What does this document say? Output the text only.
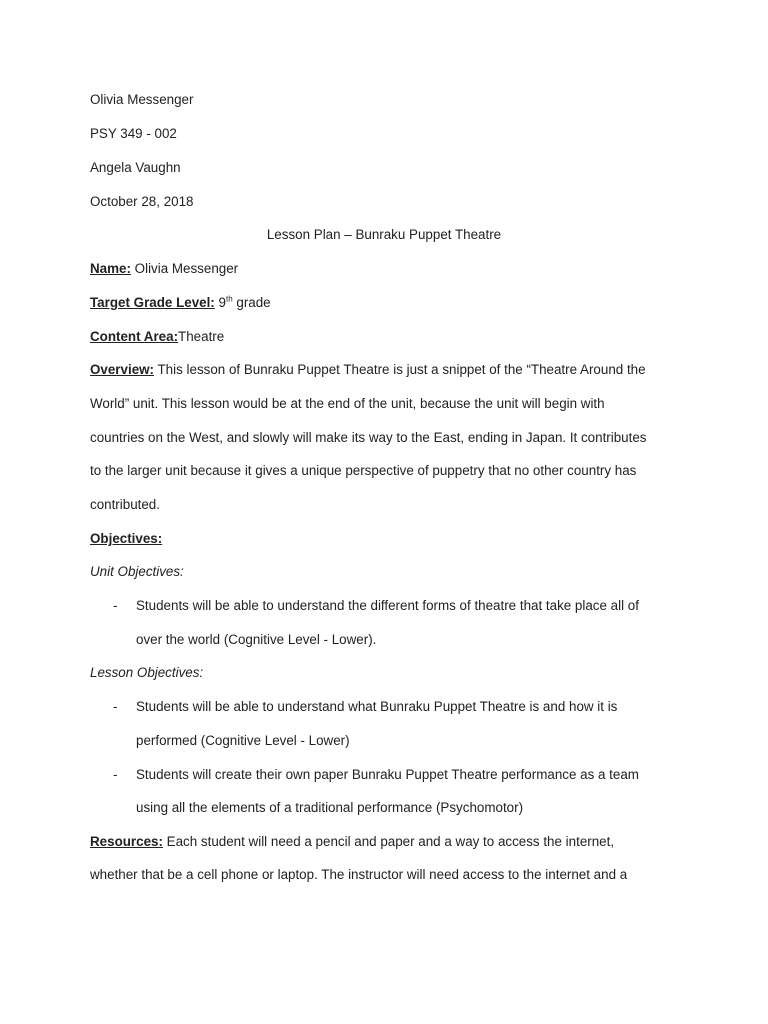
Olivia Messenger
PSY 349 - 002
Angela Vaughn
October 28, 2018
Lesson Plan – Bunraku Puppet Theatre
Name: Olivia Messenger
Target Grade Level: 9th grade
Content Area:Theatre
Overview: This lesson of Bunraku Puppet Theatre is just a snippet of the “Theatre Around the
World” unit. This lesson would be at the end of the unit, because the unit will begin with
countries on the West, and slowly will make its way to the East, ending in Japan. It contributes
to the larger unit because it gives a unique perspective of puppetry that no other country has
contributed.
Objectives:
Unit Objectives:
- Students will be able to understand the different forms of theatre that take place all of
over the world (Cognitive Level - Lower).
Lesson Objectives:
- Students will be able to understand what Bunraku Puppet Theatre is and how it is
performed (Cognitive Level - Lower)
- Students will create their own paper Bunraku Puppet Theatre performance as a team
using all the elements of a traditional performance (Psychomotor)
Resources: Each student will need a pencil and paper and a way to access the internet,
whether that be a cell phone or laptop. The instructor will need access to the internet and a
